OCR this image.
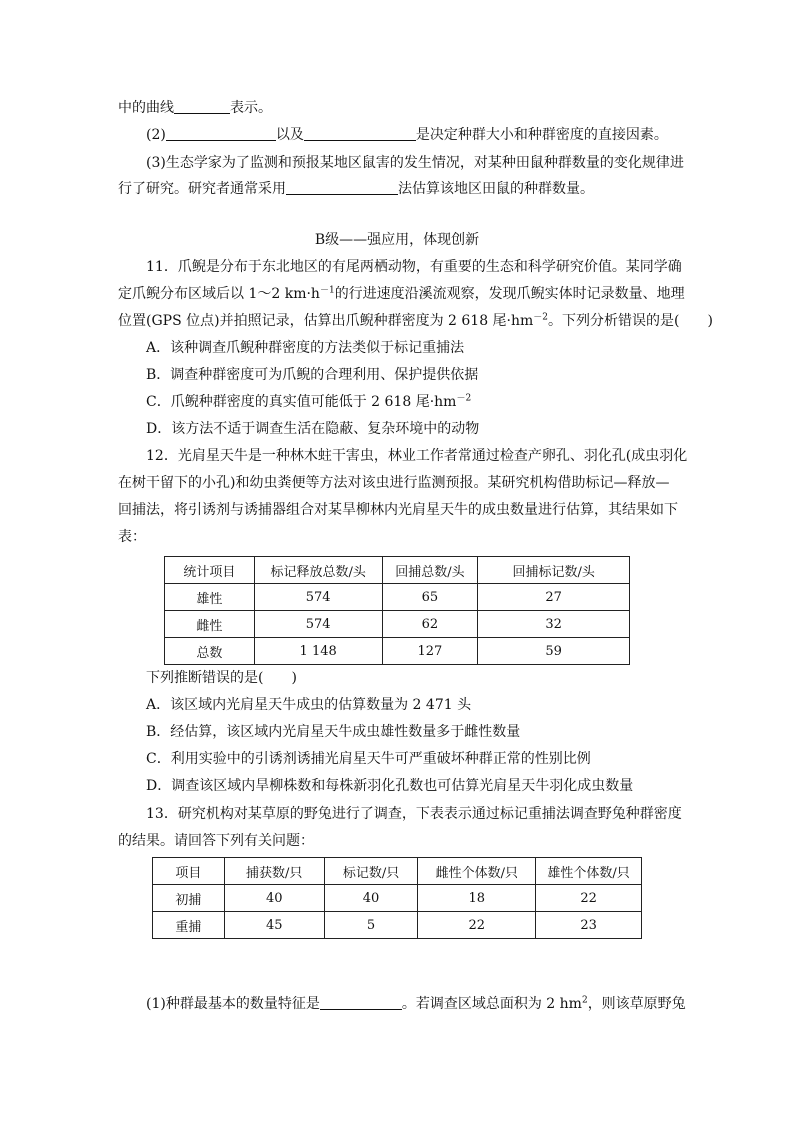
中的曲线	表示。
(2)	以及	是决定种群大小和种群密度的直接因素。
(3)生态学家为了监测和预报某地区鼠害的发生情况，对某种田鼠种群数量的变化规律进
行了研究。研究者通常采用	法估算该地区田鼠的种群数量。
B级——强应用，体现创新
11．爪鲵是分布于东北地区的有尾两栖动物，有重要的生态和科学研究价值。某同学确
定爪鲵分布区域后以 1～2 $km\cdot h^{-1}$的行进速度沿溪流观察，发现爪鲵实体时记录数量、地理
位置(GPS 位点)并拍照记录，估算出爪鲵种群密度为 2 618 尾$\cdot hm^{-2}$。下列分析错误的是(　　)
A．该种调查爪鲵种群密度的方法类似于标记重捕法
B．调查种群密度可为爪鲵的合理利用、保护提供依据
C．爪鲵种群密度的真实值可能低于 2 618 尾$\cdot hm^{-2}$
D．该方法不适于调查生活在隐蔽、复杂环境中的动物
12．光肩星天牛是一种林木蛀干害虫，林业工作者常通过检查产卵孔、羽化孔(成虫羽化
在树干留下的小孔)和幼虫粪便等方法对该虫进行监测预报。某研究机构借助标记—释放—
回捕法，将引诱剂与诱捕器组合对某旱柳林内光肩星天牛的成虫数量进行估算，其结果如下
表：
统计项目	标记释放总数/头	回捕总数/头	回捕标记数/头
雄性	574	65	27
雌性	574	62	32
总数	1 148	127	59
下列推断错误的是(　　)
A．该区域内光肩星天牛成虫的估算数量为 2 471 头
B．经估算，该区域内光肩星天牛成虫雄性数量多于雌性数量
C．利用实验中的引诱剂诱捕光肩星天牛可严重破坏种群正常的性别比例
D．调查该区域内旱柳株数和每株新羽化孔数也可估算光肩星天牛羽化成虫数量
13．研究机构对某草原的野兔进行了调查，下表表示通过标记重捕法调查野兔种群密度
的结果。请回答下列有关问题：
项目	捕获数/只	标记数/只	雌性个体数/只	雄性个体数/只
初捕	40	40	18	22
重捕	45	5	22	23
(1)种群最基本的数量特征是	。若调查区域总面积为 2 $hm^2$，则该草原野兔
